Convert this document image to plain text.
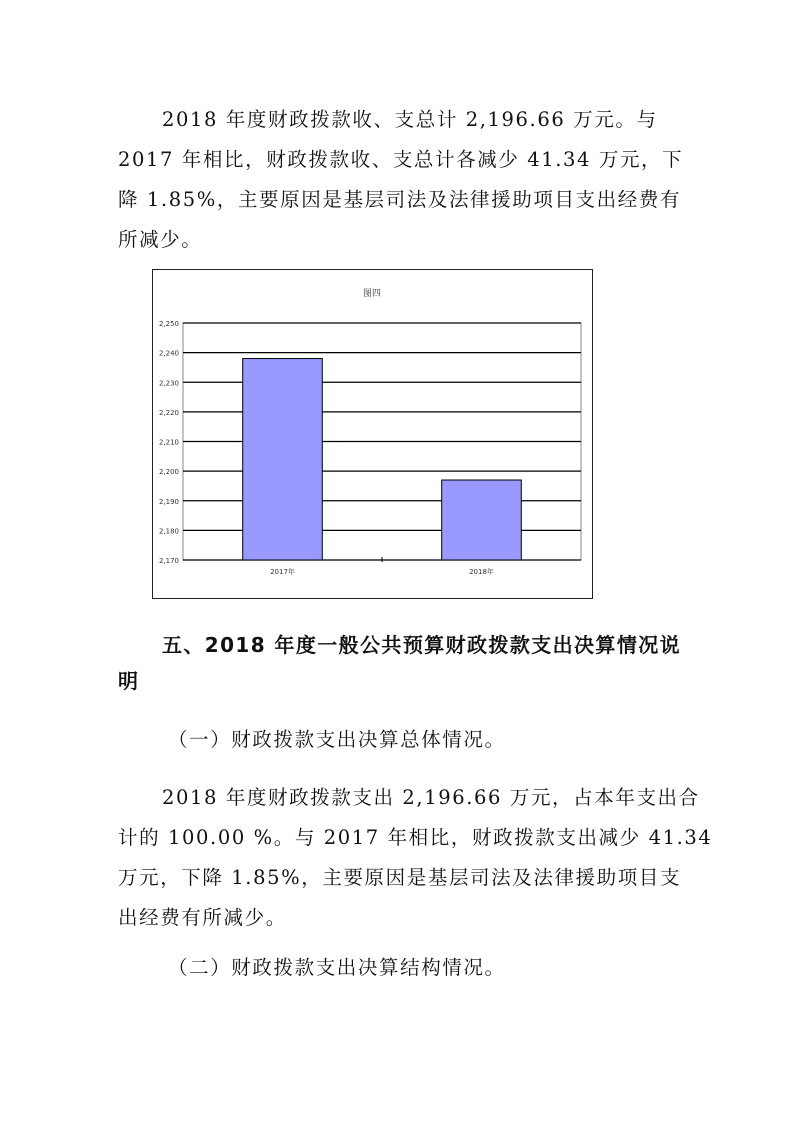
2018 年度财政拨款收、支总计 2,196.66 万元。与
2017 年相比，财政拨款收、支总计各减少 41.34 万元，下
降 1.85%，主要原因是基层司法及法律援助项目支出经费有
所减少。
图四
2,250
2,240
2,230
2,220
2,210
2,200
2,190
2,180
2,170
2017年	2018年
五、2018 年度一般公共预算财政拨款支出决算情况说
明
（一）财政拨款支出决算总体情况。
2018 年度财政拨款支出 2,196.66 万元，占本年支出合
计的 100.00 %。与 2017 年相比，财政拨款支出减少 41.34
万元，下降 1.85%，主要原因是基层司法及法律援助项目支
出经费有所减少。
（二）财政拨款支出决算结构情况。
